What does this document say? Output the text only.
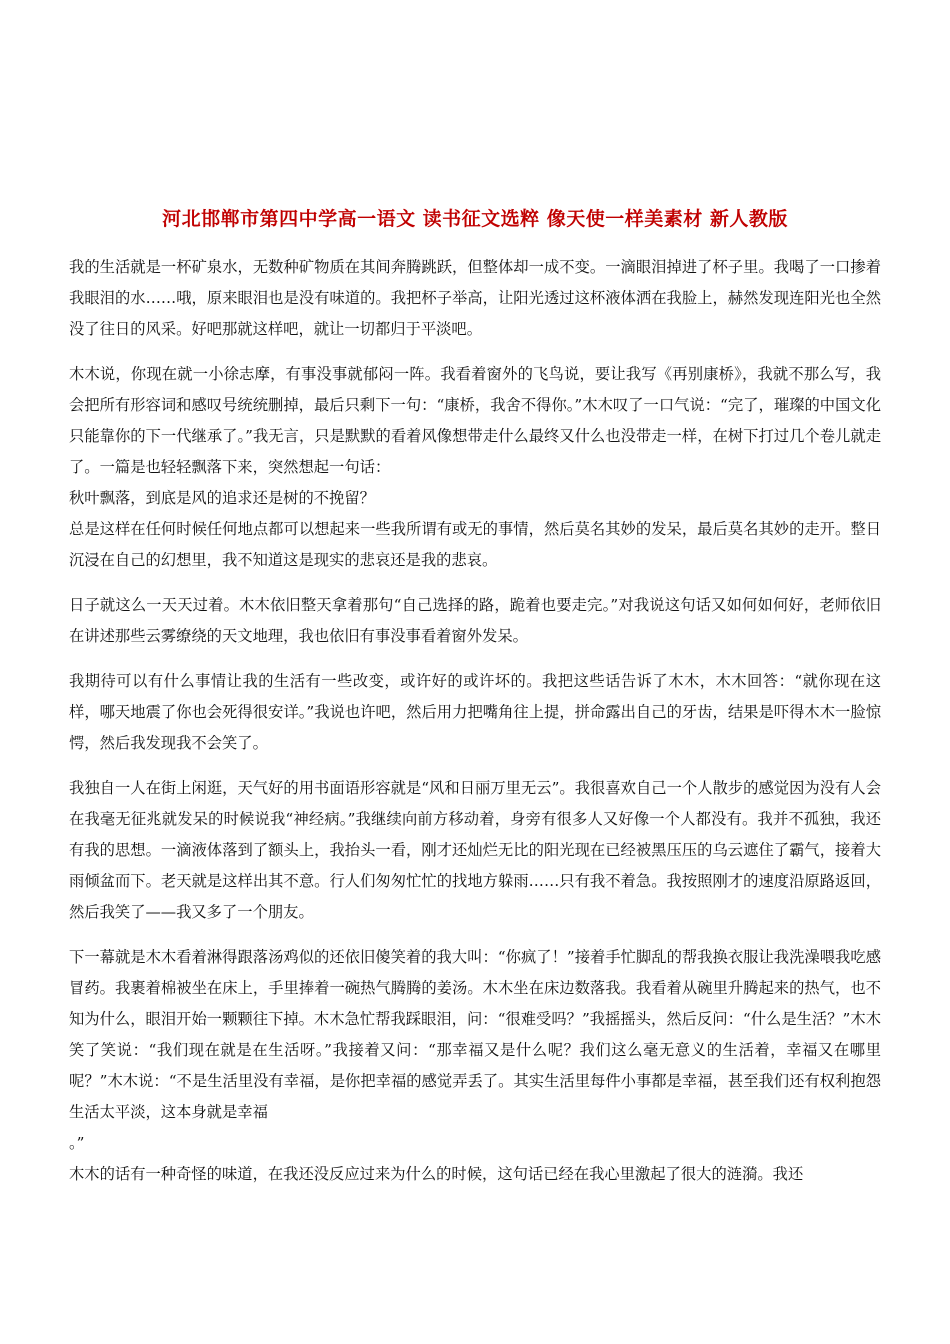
河北邯郸市第四中学高一语文 读书征文选粹 像天使一样美素材 新人教版

我的生活就是一杯矿泉水，无数种矿物质在其间奔腾跳跃，但整体却一成不变。一滴眼泪掉进了杯子里。我喝了一口掺着我眼泪的水……哦，原来眼泪也是没有味道的。我把杯子举高，让阳光透过这杯液体洒在我脸上，赫然发现连阳光也全然没了往日的风采。好吧那就这样吧，就让一切都归于平淡吧。

木木说，你现在就一小徐志摩，有事没事就郁闷一阵。我看着窗外的飞鸟说，要让我写《再别康桥》，我就不那么写，我会把所有形容词和感叹号统统删掉，最后只剩下一句：“康桥，我舍不得你。”木木叹了一口气说：“完了，璀璨的中国文化只能靠你的下一代继承了。”我无言，只是默默的看着风像想带走什么最终又什么也没带走一样，在树下打过几个卷儿就走了。一篇是也轻轻飘落下来，突然想起一句话：

秋叶飘落，到底是风的追求还是树的不挽留？

总是这样在任何时候任何地点都可以想起来一些我所谓有或无的事情，然后莫名其妙的发呆，最后莫名其妙的走开。整日沉浸在自己的幻想里，我不知道这是现实的悲哀还是我的悲哀。

日子就这么一天天过着。木木依旧整天拿着那句“自己选择的路，跪着也要走完。”对我说这句话又如何如何好，老师依旧在讲述那些云雾缭绕的天文地理，我也依旧有事没事看着窗外发呆。

我期待可以有什么事情让我的生活有一些改变，或许好的或许坏的。我把这些话告诉了木木，木木回答：“就你现在这样，哪天地震了你也会死得很安详。”我说也许吧，然后用力把嘴角往上提，拼命露出自己的牙齿，结果是吓得木木一脸惊愕，然后我发现我不会笑了。

我独自一人在街上闲逛，天气好的用书面语形容就是“风和日丽万里无云”。我很喜欢自己一个人散步的感觉因为没有人会在我毫无征兆就发呆的时候说我“神经病。”我继续向前方移动着，身旁有很多人又好像一个人都没有。我并不孤独，我还有我的思想。一滴液体落到了额头上，我抬头一看，刚才还灿烂无比的阳光现在已经被黑压压的乌云遮住了霸气，接着大雨倾盆而下。老天就是这样出其不意。行人们匆匆忙忙的找地方躲雨……只有我不着急。我按照刚才的速度沿原路返回，然后我笑了——我又多了一个朋友。

下一幕就是木木看着淋得跟落汤鸡似的还依旧傻笑着的我大叫：“你疯了！”接着手忙脚乱的帮我换衣服让我洗澡喂我吃感冒药。我裹着棉被坐在床上，手里捧着一碗热气腾腾的姜汤。木木坐在床边数落我。我看着从碗里升腾起来的热气，也不知为什么，眼泪开始一颗颗往下掉。木木急忙帮我踩眼泪，问：“很难受吗？”我摇摇头，然后反问：“什么是生活？”木木笑了笑说：“我们现在就是在生活呀。”我接着又问：“那幸福又是什么呢？我们这么毫无意义的生活着，幸福又在哪里呢？”木木说：“不是生活里没有幸福，是你把幸福的感觉弄丢了。其实生活里每件小事都是幸福，甚至我们还有权利抱怨生活太平淡，这本身就是幸福

。”

木木的话有一种奇怪的味道，在我还没反应过来为什么的时候，这句话已经在我心里激起了很大的涟漪。我还
